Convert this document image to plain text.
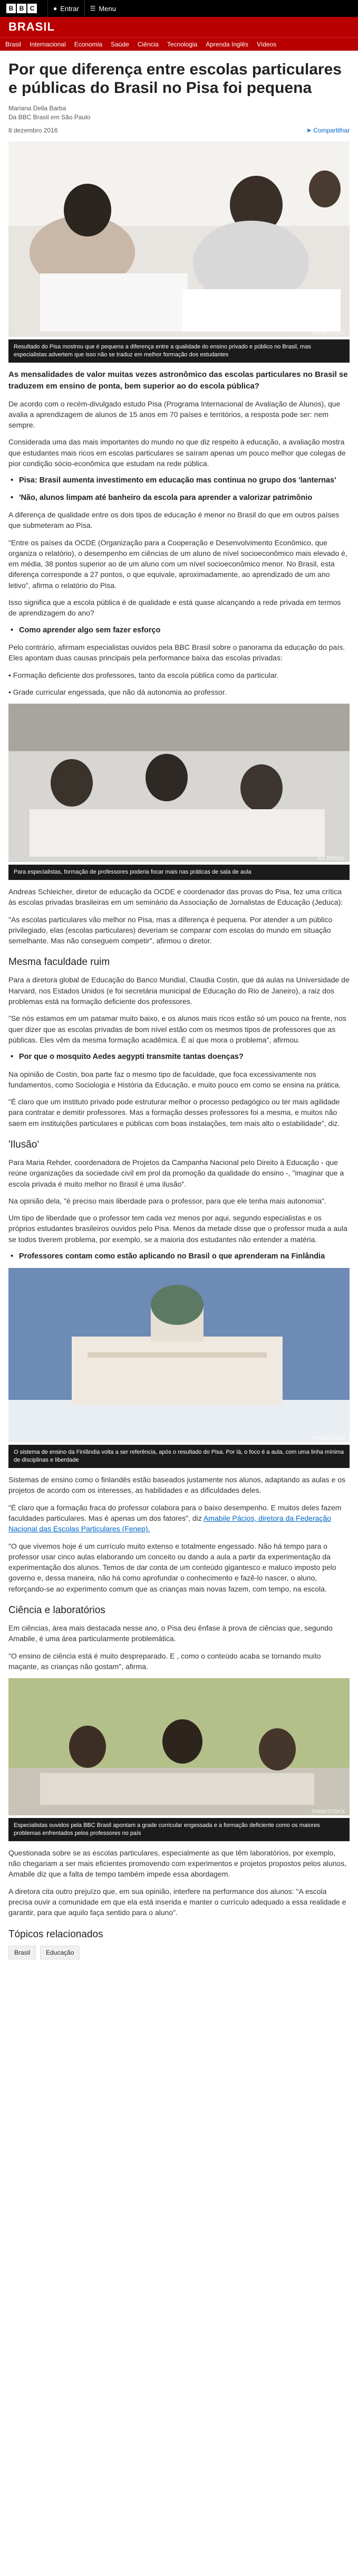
B B C	● Entrar ☰ Menu
BRASIL
Brasil Internacional Economia Saúde Ciência Tecnologia Aprenda Inglês Vídeos
Por que diferença entre escolas particulares e públicas do Brasil no Pisa foi pequena
Mariana Della Barba
Da BBC Brasil em São Paulo
8 dezembro 2016	➤ Compartilhar
THINKSTOCK
Resultado do Pisa mostrou que é pequena a diferença entre a qualidade do ensino privado e público no Brasil, mas especialistas advertem que isso não se traduz em melhor formação dos estudantes

As mensalidades de valor muitas vezes astronômico das escolas particulares no Brasil se traduzem em ensino de ponta, bem superior ao do escola pública?

De acordo com o recém-divulgado estudo Pisa (Programa Internacional de Avaliação de Alunos), que avalia a aprendizagem de alunos de 15 anos em 70 países e territórios, a resposta pode ser: nem sempre.

Considerada uma das mais importantes do mundo no que diz respeito à educação, a avaliação mostra que estudantes mais ricos em escolas particulares se saíram apenas um pouco melhor que colegas de pior condição sócio-econômica que estudam na rede pública.

• Pisa: Brasil aumenta investimento em educação mas continua no grupo dos 'lanternas'
• 'Não, alunos limpam até banheiro da escola para aprender a valorizar patrimônio

A diferença de qualidade entre os dois tipos de educação é menor no Brasil do que em outros países que submeteram ao Pisa.

"Entre os países da OCDE (Organização para a Cooperação e Desenvolvimento Econômico, que organiza o relatório), o desempenho em ciências de um aluno de nível socioeconômico mais elevado é, em média, 38 pontos superior ao de um aluno com um nível socioeconômico menor. No Brasil, esta diferença corresponde a 27 pontos, o que equivale, aproximadamente, ao aprendizado de um ano letivo", afirma o relatório do Pisa.

Isso significa que a escola pública é de qualidade e está quase alcançando a rede privada em termos de aprendizagem do ano?

• Como aprender algo sem fazer esforço

Pelo contrário, afirmam especialistas ouvidos pela BBC Brasil sobre o panorama da educação do país. Eles apontam duas causas principais pela performance baixa das escolas privadas:

• Formação deficiente dos professores, tanto da escola pública como da particular.

• Grade curricular engessada, que não dá autonomia ao professor.

AG BRASIL
Para especialistas, formação de professores poderia focar mais nas práticas de sala de aula

Andreas Schleicher, diretor de educação da OCDE e coordenador das provas do Pisa, fez uma crítica às escolas privadas brasileiras em um seminário da Associação de Jornalistas de Educação (Jeduca):

"As escolas particulares vão melhor no Pisa, mas a diferença é pequena. Por atender a um público privilegiado, elas (escolas particulares) deveriam se comparar com escolas do mundo em situação semelhante. Mas não conseguem competir", afirmou o diretor.

Mesma faculdade ruim

Para a diretora global de Educação do Banco Mundial, Claudia Costin, que dá aulas na Universidade de Harvard, nos Estados Unidos (e foi secretária municipal de Educação do Rio de Janeiro), a raiz dos problemas está na formação deficiente dos professores.

"Se nós estamos em um patamar muito baixo, e os alunos mais ricos estão só um pouco na frente, nos quer dizer que as escolas privadas de bom nível estão com os mesmos tipos de professores que as públicas. Eles vêm da mesma formação acadêmica. É aí que mora o problema", afirmou.

• Por que o mosquito Aedes aegypti transmite tantas doenças?

Na opinião de Costin, boa parte faz o mesmo tipo de faculdade, que foca excessivamente nos fundamentos, como Sociologia e História da Educação, e muito pouco em como se ensina na prática.

"É claro que um instituto privado pode estruturar melhor o processo pedagógico ou ter mais agilidade para contratar e demitir professores. Mas a formação desses professores foi a mesma, e muitos não saem em instituições particulares e públicas com boas instalações, tem mais alto o estabilidade", diz.

'Ilusão'

Para Maria Rehder, coordenadora de Projetos da Campanha Nacional pelo Direito à Educação - que reúne organizações da sociedade civil em prol da promoção da qualidade do ensino -, "imaginar que a escola privada é muito melhor no Brasil é uma ilusão".

Na opinião dela, "é preciso mais liberdade para o professor, para que ele tenha mais autonomia".

Um tipo de liberdade que o professor tem cada vez menos por aqui, segundo especialistas e os próprios estudantes brasileiros ouvidos pelo Pisa. Menos da metade disse que o professor muda a aula se todos tiverem problema, por exemplo, se a maioria dos estudantes não entender a matéria.

• Professores contam como estão aplicando no Brasil o que aprenderam na Finlândia
THINKSTOCK
O sistema de ensino da Finlândia volta a ser referência, após o resultado do Pisa. Por lá, o foco é a aula, com uma linha mínima de disciplinas e liberdade

Sistemas de ensino como o finlandês estão baseados justamente nos alunos, adaptando as aulas e os projetos de acordo com os interesses, as habilidades e as dificuldades deles.

"É claro que a formação fraca do professor colabora para o baixo desempenho. E muitos deles fazem faculdades particulares. Mas é apenas um dos fatores", diz Amabile Pácios, diretora da Federação Nacional das Escolas Particulares (Fenep).

"O que vivemos hoje é um currículo muito extenso e totalmente engessado. Não há tempo para o professor usar cinco aulas elaborando um conceito ou dando a aula a partir da experimentação da experimentação dos alunos. Temos de dar conta de um conteúdo gigantesco e maluco imposto pelo governo e, dessa maneira, não há como aprofundar o conhecimento e fazê-lo nascer, o aluno, reforçando-se ao experimento comum que as crianças mais novas fazem, com tempo, na escola.

Ciência e laboratórios

Em ciências, área mais destacada nesse ano, o Pisa deu ênfase à prova de ciências que, segundo Amabile, é uma área particularmente problemática.

"O ensino de ciência está é muito despreparado. E , como o conteúdo acaba se tornando muito maçante, as crianças não gostam", afirma.

THINKSTOCK
Especialistas ouvidos pela BBC Brasil apontam a grade curricular engessada e a formação deficiente como os maiores problemas enfrentados pelos professores no país

Questionada sobre se as escolas particulares, especialmente as que têm laboratórios, por exemplo, não chegariam a ser mais eficientes promovendo com experimentos e projetos propostos pelos alunos, Amabile diz que a falta de tempo também impede essa abordagem.

A diretora cita outro prejuízo que, em sua opinião, interfere na performance dos alunos: "A escola precisa ouvir a comunidade em que ela está inserida e manter o currículo adequado a essa realidade e garantir, para que aquilo faça sentido para o aluno".

Tópicos relacionados
Brasil	Educação
